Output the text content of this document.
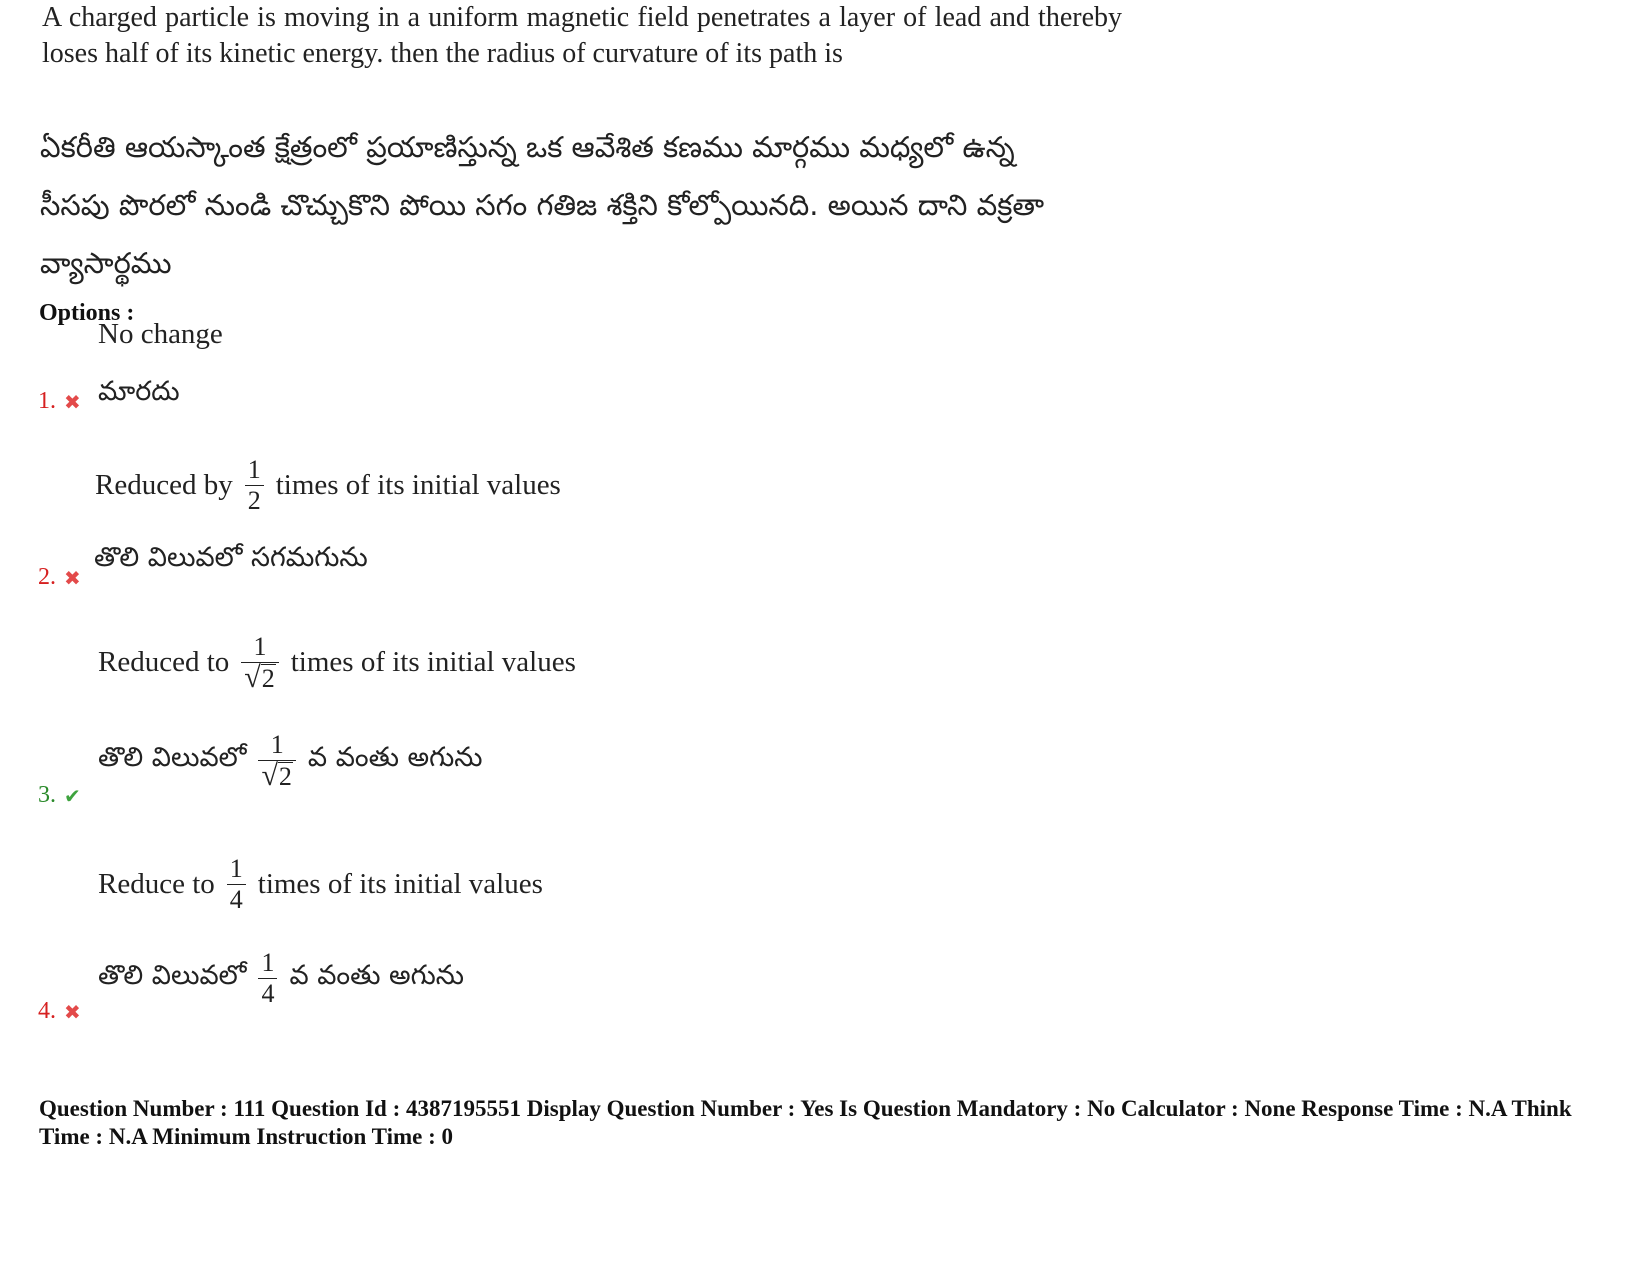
A charged particle is moving in a uniform magnetic field penetrates a layer of lead and thereby loses half of its kinetic energy. then the radius of curvature of its path is
ఏకరీతి ఆయస్కాంత క్షేత్రంలో ప్రయాణిస్తున్న ఒక ఆవేశిత కణము మార్గము మధ్యలో ఉన్న
సీసపు పొరలో నుండి చొచ్చుకొని పోయి సగం గతిజ శక్తిని కోల్పోయినది. అయిన దాని వక్రతా
వ్యాసార్థము
Options :
No change
మారదు
1. ✖
Reduced by $\frac{1}{2}$ times of its initial values
తొలి విలువలో సగమగును
2. ✖
Reduced to $\frac{1}{√ 2}$ times of its initial values
తొలి విలువలో $\frac{1}{√ 2}$ వ వంతు అగును
3. ✔
Reduce to $\frac{1}{4}$ times of its initial values
తొలి విలువలో $\frac{1}{4}$ వ వంతు అగును
4. ✖
Question Number : 111 Question Id : 4387195551 Display Question Number : Yes Is Question Mandatory : No Calculator : None Response Time : N.A Think Time : N.A Minimum Instruction Time : 0
